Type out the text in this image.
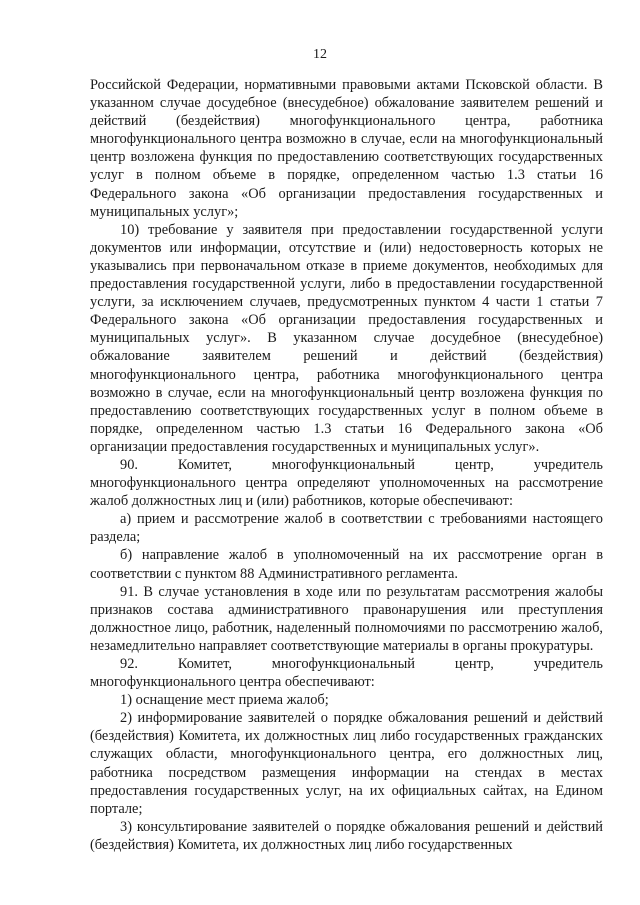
12

Российской Федерации, нормативными правовыми актами Псковской области. В указанном случае досудебное (внесудебное) обжалование заявителем решений и действий (бездействия) многофункционального центра, работника многофункционального центра возможно в случае, если на многофункциональный центр возложена функция по предоставлению соответствующих государственных услуг в полном объеме в порядке, определенном частью 1.3 статьи 16 Федерального закона «Об организации предоставления государственных и муниципальных услуг»;

10) требование у заявителя при предоставлении государственной услуги документов или информации, отсутствие и (или) недостоверность которых не указывались при первоначальном отказе в приеме документов, необходимых для предоставления государственной услуги, либо в предоставлении государственной услуги, за исключением случаев, предусмотренных пунктом 4 части 1 статьи 7 Федерального закона «Об организации предоставления государственных и муниципальных услуг». В указанном случае досудебное (внесудебное) обжалование заявителем решений и действий (бездействия) многофункционального центра, работника многофункционального центра возможно в случае, если на многофункциональный центр возложена функция по предоставлению соответствующих государственных услуг в полном объеме в порядке, определенном частью 1.3 статьи 16 Федерального закона «Об организации предоставления государственных и муниципальных услуг».

90. Комитет, многофункциональный центр, учредитель многофункционального центра определяют уполномоченных на рассмотрение жалоб должностных лиц и (или) работников, которые обеспечивают:

а) прием и рассмотрение жалоб в соответствии с требованиями настоящего раздела;

б) направление жалоб в уполномоченный на их рассмотрение орган в соответствии с пунктом 88 Административного регламента.

91. В случае установления в ходе или по результатам рассмотрения жалобы признаков состава административного правонарушения или преступления должностное лицо, работник, наделенный полномочиями по рассмотрению жалоб, незамедлительно направляет соответствующие материалы в органы прокуратуры.

92. Комитет, многофункциональный центр, учредитель многофункционального центра обеспечивают:

1) оснащение мест приема жалоб;

2) информирование заявителей о порядке обжалования решений и действий (бездействия) Комитета, их должностных лиц либо государственных гражданских служащих области, многофункционального центра, его должностных лиц, работника посредством размещения информации на стендах в местах предоставления государственных услуг, на их официальных сайтах, на Едином портале;

3) консультирование заявителей о порядке обжалования решений и действий (бездействия) Комитета, их должностных лиц либо государственных
